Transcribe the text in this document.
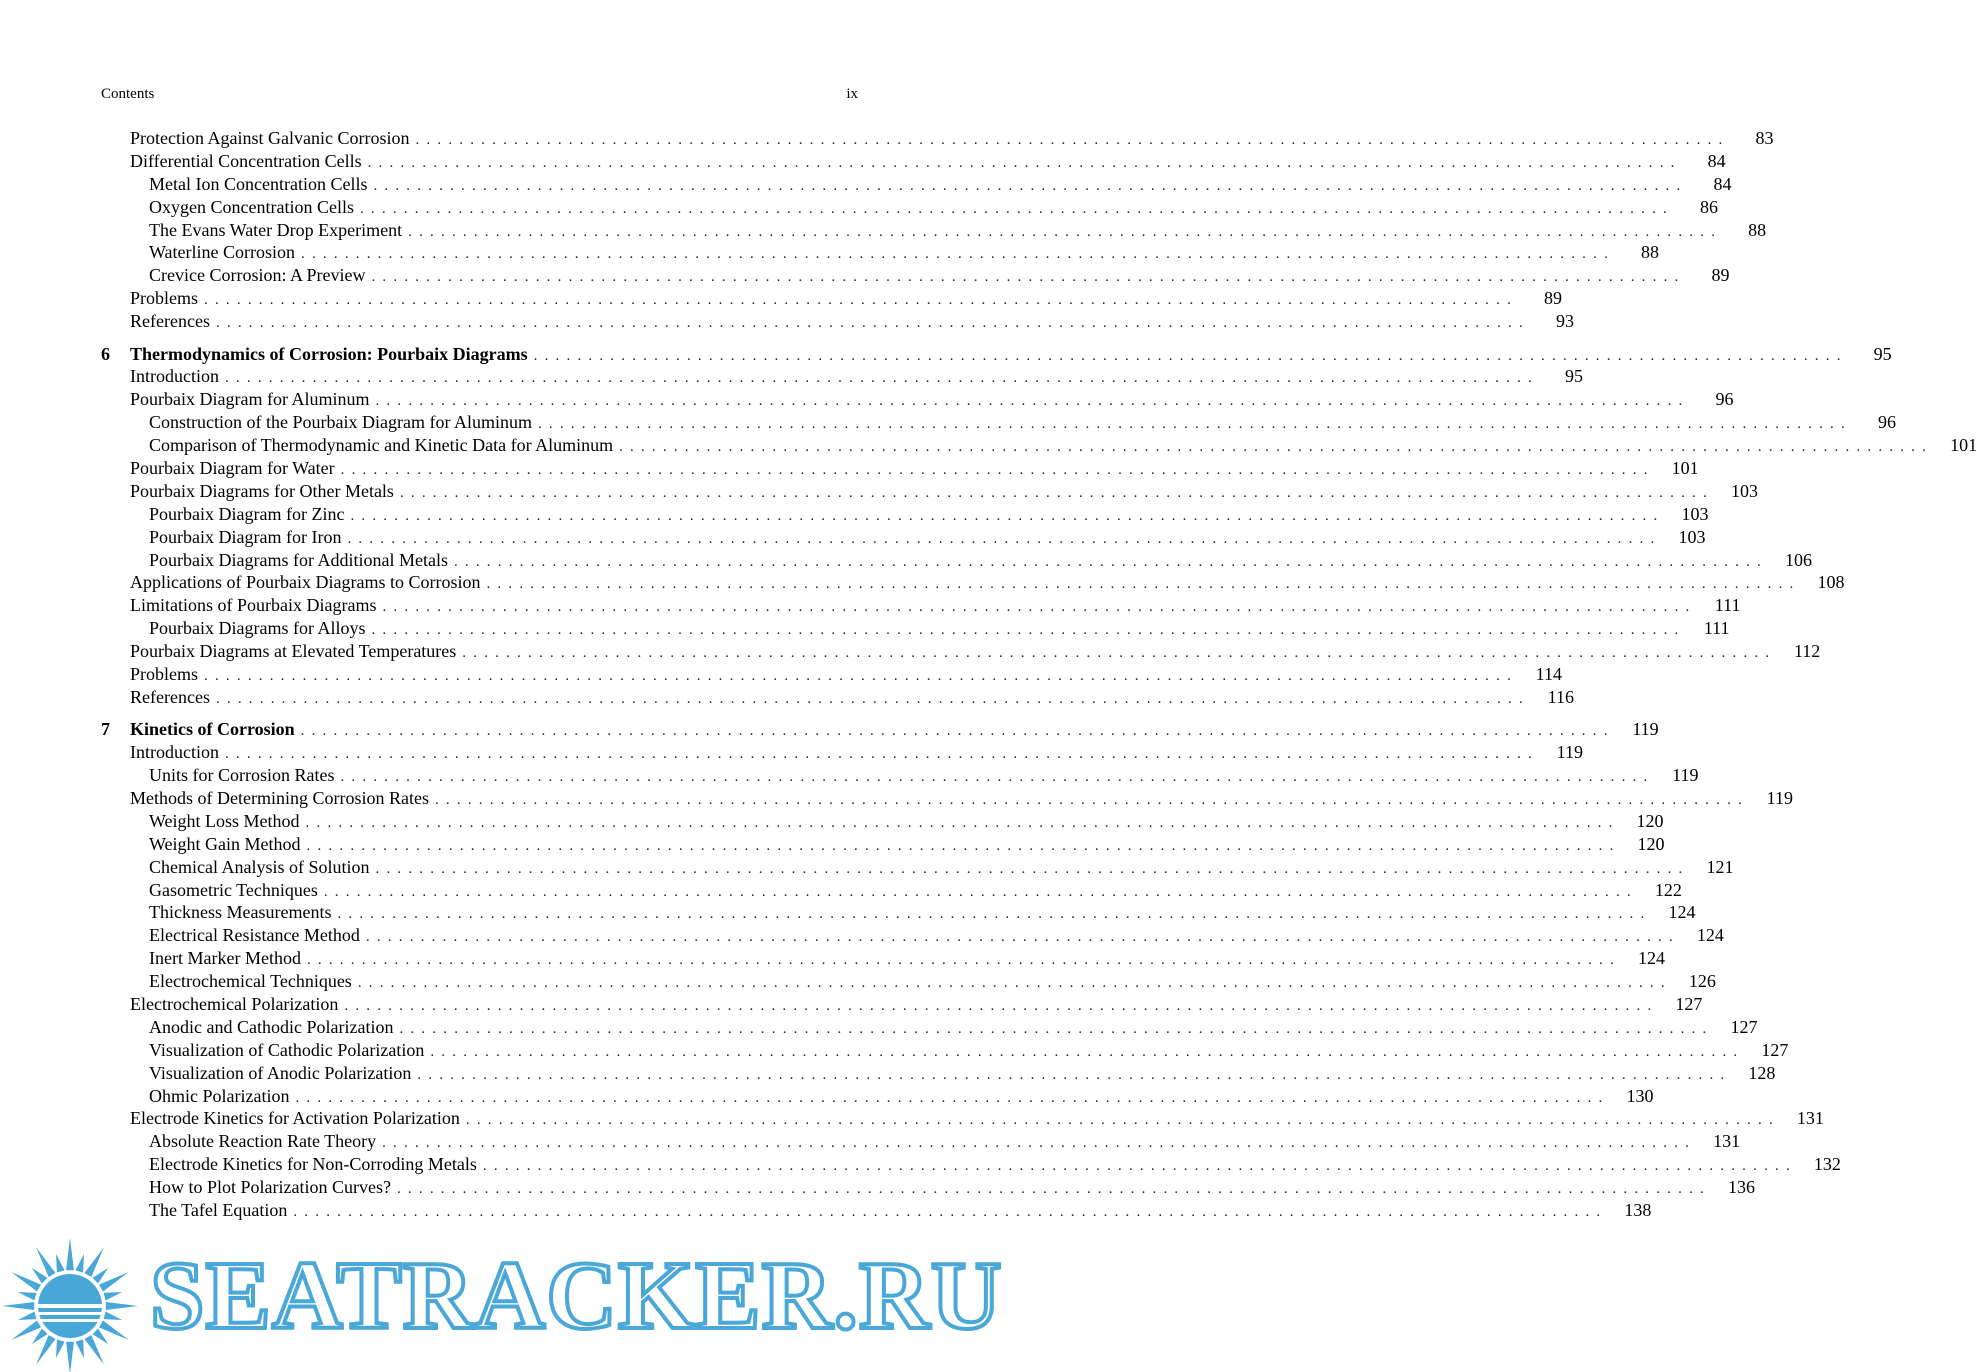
Contents	ix
Protection Against Galvanic Corrosion ........................................................................................................................	83
Differential Concentration Cells ........................................................................................................................	84
Metal Ion Concentration Cells ........................................................................................................................	84
Oxygen Concentration Cells ........................................................................................................................	86
The Evans Water Drop Experiment ........................................................................................................................	88
Waterline Corrosion ........................................................................................................................	88
Crevice Corrosion: A Preview ........................................................................................................................	89
Problems ........................................................................................................................	89
References ........................................................................................................................	93
6	Thermodynamics of Corrosion: Pourbaix Diagrams ........................................................................................................................	95
Introduction ........................................................................................................................	95
Pourbaix Diagram for Aluminum ........................................................................................................................	96
Construction of the Pourbaix Diagram for Aluminum ........................................................................................................................	96
Comparison of Thermodynamic and Kinetic Data for Aluminum ........................................................................................................................ 101
Pourbaix Diagram for Water ........................................................................................................................ 101
Pourbaix Diagrams for Other Metals ........................................................................................................................ 103
Pourbaix Diagram for Zinc ........................................................................................................................ 103
Pourbaix Diagram for Iron ........................................................................................................................ 103
Pourbaix Diagrams for Additional Metals ........................................................................................................................ 106
Applications of Pourbaix Diagrams to Corrosion ........................................................................................................................ 108
Limitations of Pourbaix Diagrams ........................................................................................................................	111
Pourbaix Diagrams for Alloys ........................................................................................................................	111
Pourbaix Diagrams at Elevated Temperatures ........................................................................................................................ 112
Problems ........................................................................................................................ 114
References ........................................................................................................................ 116
7	Kinetics of Corrosion ........................................................................................................................ 119
Introduction ........................................................................................................................ 119
Units for Corrosion Rates ........................................................................................................................ 119
Methods of Determining Corrosion Rates ........................................................................................................................ 119
Weight Loss Method ........................................................................................................................ 120
Weight Gain Method ........................................................................................................................ 120
Chemical Analysis of Solution ........................................................................................................................ 121
Gasometric Techniques ........................................................................................................................ 122
Thickness Measurements ........................................................................................................................ 124
Electrical Resistance Method ........................................................................................................................ 124
Inert Marker Method ........................................................................................................................ 124
Electrochemical Techniques ........................................................................................................................ 126
Electrochemical Polarization ........................................................................................................................ 127
Anodic and Cathodic Polarization ........................................................................................................................ 127
Visualization of Cathodic Polarization ........................................................................................................................ 127
Visualization of Anodic Polarization ........................................................................................................................ 128
Ohmic Polarization ........................................................................................................................ 130
Electrode Kinetics for Activation Polarization ........................................................................................................................ 131
Absolute Reaction Rate Theory ........................................................................................................................ 131
Electrode Kinetics for Non-Corroding Metals ........................................................................................................................ 132
How to Plot Polarization Curves? ........................................................................................................................ 136
The Tafel Equation ........................................................................................................................ 138
SEATRACKER.RU
